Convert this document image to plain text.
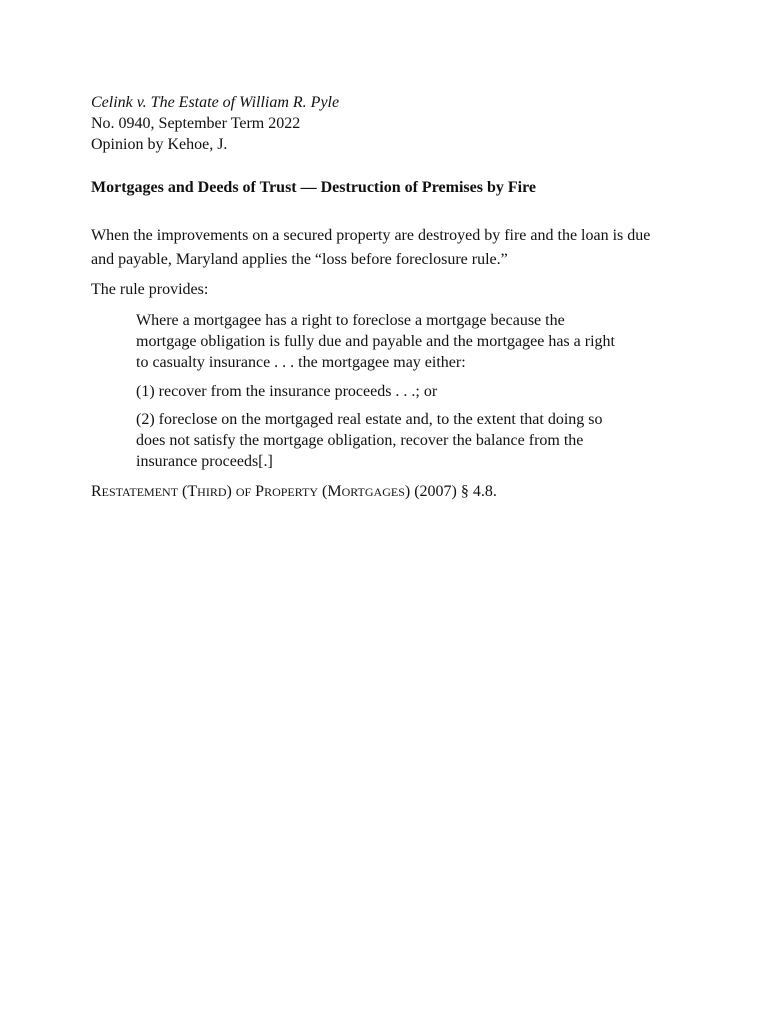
Celink v. The Estate of William R. Pyle
No. 0940, September Term 2022
Opinion by Kehoe, J.
Mortgages and Deeds of Trust — Destruction of Premises by Fire
When the improvements on a secured property are destroyed by fire and the loan is due
and payable, Maryland applies the “loss before foreclosure rule.”
The rule provides:
Where a mortgagee has a right to foreclose a mortgage because the
mortgage obligation is fully due and payable and the mortgagee has a right
to casualty insurance . . . the mortgagee may either:
(1) recover from the insurance proceeds . . .; or
(2) foreclose on the mortgaged real estate and, to the extent that doing so
does not satisfy the mortgage obligation, recover the balance from the
insurance proceeds[.]
RESTATEMENT (THIRD) OF PROPERTY (MORTGAGES) (2007) § 4.8.
